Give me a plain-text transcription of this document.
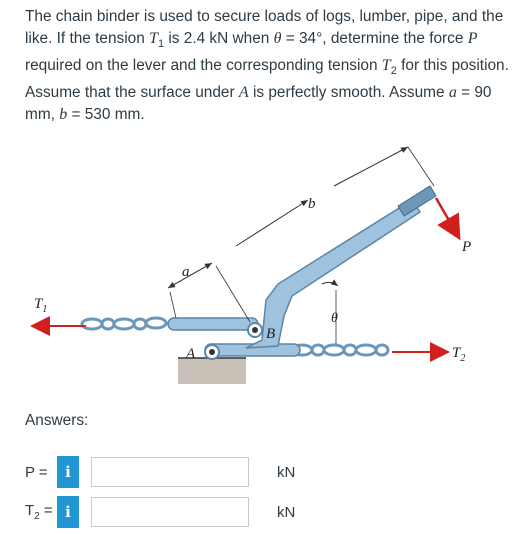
The chain binder is used to secure loads of logs, lumber, pipe, and the like. If the tension $T_1$ is 2.4 kN when θ = 34°, determine the force P required on the lever and the corresponding tension $T_2$ for this position. Assume that the surface under A is perfectly smooth. Assume a = 90 mm, b = 530 mm.
a
b
P
$T_1$
$T_2$
A
B
θ
Answers:
P =	i	kN
$T_2 = i$	kN
